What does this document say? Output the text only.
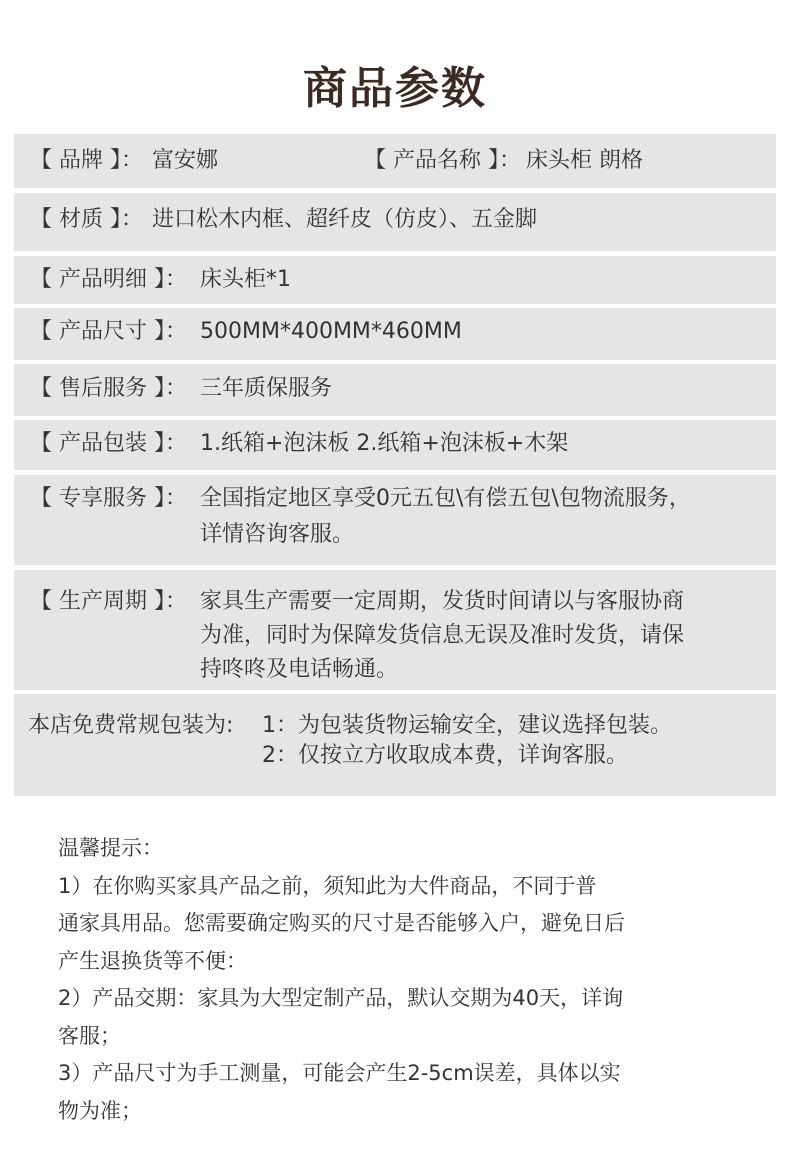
商品参数
【 品牌 】： 富安娜	【 产品名称 】： 床头柜 朗格
【 材质 】： 进口松木内框、超纤皮（仿皮）、五金脚
【 产品明细 】： 床头柜*1
【 产品尺寸 】： 500MM*400MM*460MM
【 售后服务 】： 三年质保服务
【 产品包装 】： 1.纸箱+泡沫板 2.纸箱+泡沫板+木架
【 专享服务 】： 全国指定地区享受0元五包\有偿五包\包物流服务，
详情咨询客服。
【 生产周期 】： 家具生产需要一定周期，发货时间请以与客服协商
为准，同时为保障发货信息无误及准时发货，请保
持咚咚及电话畅通。
本店免费常规包装为: 1：为包装货物运输安全，建议选择包装。
2：仅按立方收取成本费，详询客服。
温馨提示：
1）在你购买家具产品之前，须知此为大件商品，不同于普
通家具用品。您需要确定购买的尺寸是否能够入户，避免日后
产生退换货等不便：
2）产品交期：家具为大型定制产品，默认交期为40天，详询
客服；
3）产品尺寸为手工测量，可能会产生2-5cm误差，具体以实
物为准；
